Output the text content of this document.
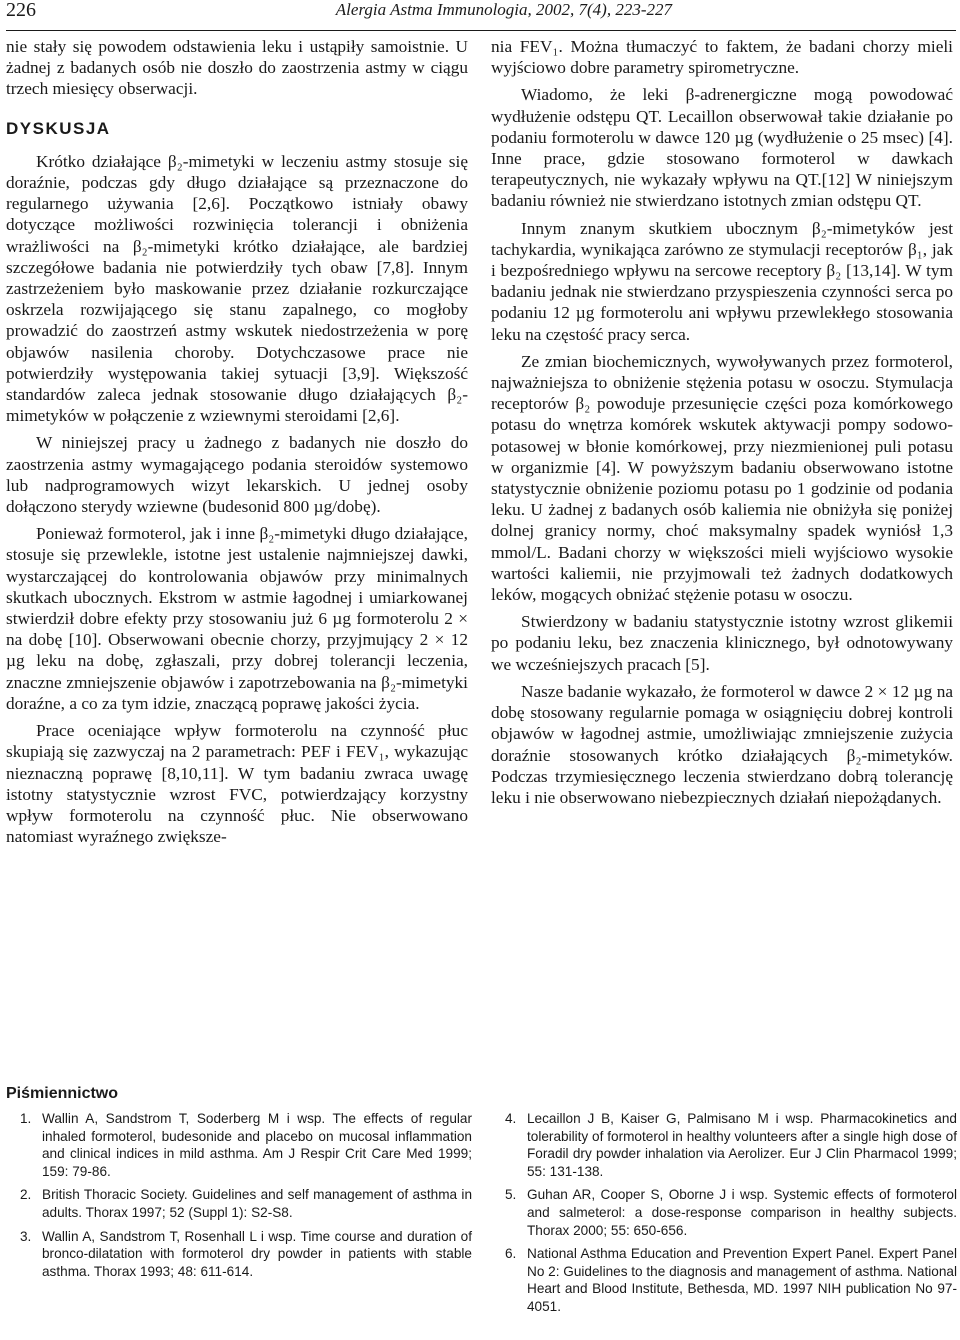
226	Alergia Astma Immunologia, 2002, 7(4), 223-227

nie stały się powodem odstawienia leku i ustąpiły samoistnie. U żadnej z badanych osób nie doszło do zaostrzenia astmy w ciągu trzech miesięcy obserwacji.

DYSKUSJA

Krótko działające β₂-mimetyki w leczeniu astmy stosuje się doraźnie, podczas gdy długo działające są przeznaczone do regularnego używania [2,6]. Początkowo istniały obawy dotyczące możliwości rozwinięcia tolerancji i obniżenia wrażliwości na β₂-mimetyki krótko działające, ale bardziej szczegółowe badania nie potwierdziły tych obaw [7,8]. Innym zastrzeżeniem było maskowanie przez działanie rozkurczające oskrzela rozwijającego się stanu zapalnego, co mogłoby prowadzić do zaostrzeń astmy wskutek niedostrzeżenia w porę objawów nasilenia choroby. Dotychczasowe prace nie potwierdziły występowania takiej sytuacji [3,9]. Większość standardów zaleca jednak stosowanie długo działających β₂-mimetyków w połączenie z wziewnymi steroidami [2,6].

W niniejszej pracy u żadnego z badanych nie doszło do zaostrzenia astmy wymagającego podania steroidów systemowo lub nadprogramowych wizyt lekarskich. U jednej osoby dołączono sterydy wziewne (budesonid 800 µg/dobę).

Ponieważ formoterol, jak i inne β₂-mimetyki długo działające, stosuje się przewlekle, istotne jest ustalenie najmniejszej dawki, wystarczającej do kontrolowania objawów przy minimalnych skutkach ubocznych. Ekstrom w astmie łagodnej i umiarkowanej stwierdził dobre efekty przy stosowaniu już 6 µg formoterolu 2 × na dobę [10]. Obserwowani obecnie chorzy, przyjmujący 2 × 12 µg leku na dobę, zgłaszali, przy dobrej tolerancji leczenia, znaczne zmniejszenie objawów i zapotrzebowania na β₂-mimetyki doraźne, a co za tym idzie, znaczącą poprawę jakości życia.

Prace oceniające wpływ formoterolu na czynność płuc skupiają się zazwyczaj na 2 parametrach: PEF i FEV₁, wykazując nieznaczną poprawę [8,10,11]. W tym badaniu zwraca uwagę istotny statystycznie wzrost FVC, potwierdzający korzystny wpływ formoterolu na czynność płuc. Nie obserwowano natomiast wyraźnego zwiększe-

nia FEV₁. Można tłumaczyć to faktem, że badani chorzy mieli wyjściowo dobre parametry spirometryczne.

Wiadomo, że leki β-adrenergiczne mogą powodować wydłużenie odstępu QT. Lecaillon obserwował takie działanie po podaniu formoterolu w dawce 120 µg (wydłużenie o 25 msec) [4]. Inne prace, gdzie stosowano formoterol w dawkach terapeutycznych, nie wykazały wpływu na QT.[12] W niniejszym badaniu również nie stwierdzano istotnych zmian odstępu QT.

Innym znanym skutkiem ubocznym β₂-mimetyków jest tachykardia, wynikająca zarówno ze stymulacji receptorów β₁, jak i bezpośredniego wpływu na sercowe receptory β₂ [13,14]. W tym badaniu jednak nie stwierdzano przyspieszenia czynności serca po podaniu 12 µg formoterolu ani wpływu przewlekłego stosowania leku na częstość pracy serca.

Ze zmian biochemicznych, wywoływanych przez formoterol, najważniejsza to obniżenie stężenia potasu w osoczu. Stymulacja receptorów β₂ powoduje przesunięcie części poza komórkowego potasu do wnętrza komórek wskutek aktywacji pompy sodowo-potasowej w błonie komórkowej, przy niezmienionej puli potasu w organizmie [4]. W powyższym badaniu obserwowano istotne statystycznie obniżenie poziomu potasu po 1 godzinie od podania leku. U żadnej z badanych osób kaliemia nie obniżyła się poniżej dolnej granicy normy, choć maksymalny spadek wyniósł 1,3 mmol/L. Badani chorzy w większości mieli wyjściowo wysokie wartości kaliemii, nie przyjmowali też żadnych dodatkowych leków, mogących obniżać stężenie potasu w osoczu.

Stwierdzony w badaniu statystycznie istotny wzrost glikemii po podaniu leku, bez znaczenia klinicznego, był odnotowywany we wcześniejszych pracach [5].

Nasze badanie wykazało, że formoterol w dawce 2 × 12 µg na dobę stosowany regularnie pomaga w osiągnięciu dobrej kontroli objawów w łagodnej astmie, umożliwiając zmniejszenie zużycia doraźnie stosowanych krótko działających β₂-mimetyków. Podczas trzymiesięcznego leczenia stwierdzano dobrą tolerancję leku i nie obserwowano niebezpiecznych działań niepożądanych.

Piśmiennictwo
1. Wallin A, Sandstrom T, Soderberg M i wsp. The effects of regular inhaled formoterol, budesonide and placebo on mucosal inflammation and clinical indices in mild asthma. Am J Respir Crit Care Med 1999; 159: 79-86.
2. British Thoracic Society. Guidelines and self management of asthma in adults. Thorax 1997; 52 (Suppl 1): S2-S8.
3. Wallin A, Sandstrom T, Rosenhall L i wsp. Time course and duration of bronco-dilatation with formoterol dry powder in patients with stable asthma. Thorax 1993; 48: 611-614.
4. Lecaillon J B, Kaiser G, Palmisano M i wsp. Pharmacokinetics and tolerability of formoterol in healthy volunteers after a single high dose of Foradil dry powder inhalation via Aerolizer. Eur J Clin Pharmacol 1999; 55: 131-138.
5. Guhan AR, Cooper S, Oborne J i wsp. Systemic effects of formoterol and salmeterol: a dose-response comparison in healthy subjects. Thorax 2000; 55: 650-656.
6. National Asthma Education and Prevention Expert Panel. Expert Panel No 2: Guidelines to the diagnosis and management of asthma. National Heart and Blood Institute, Bethesda, MD. 1997 NIH publication No 97-4051.
